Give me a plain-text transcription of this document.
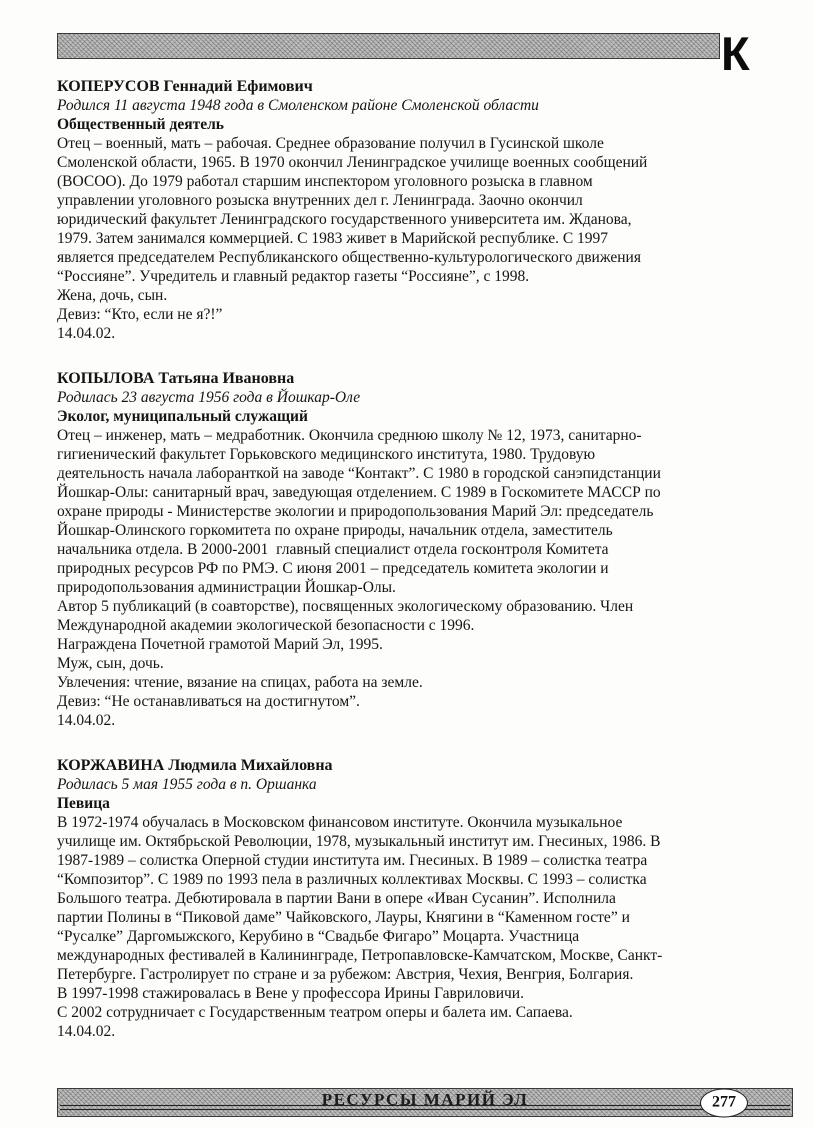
К
КОПЕРУСОВ Геннадий Ефимович
Родился 11 августа 1948 года в Смоленском районе Смоленской области
Общественный деятель
Отец – военный, мать – рабочая. Среднее образование получил в Гусинской школе
Смоленской области, 1965. В 1970 окончил Ленинградское училище военных сообщений
(ВОСОО). До 1979 работал старшим инспектором уголовного розыска в главном
управлении уголовного розыска внутренних дел г. Ленинграда. Заочно окончил
юридический факультет Ленинградского государственного университета им. Жданова,
1979. Затем занимался коммерцией. С 1983 живет в Марийской республике. С 1997
является председателем Республиканского общественно-культурологического движения
“Россияне”. Учредитель и главный редактор газеты “Россияне”, с 1998.
Жена, дочь, сын.
Девиз: “Кто, если не я?!”
14.04.02.
КОПЫЛОВА Татьяна Ивановна
Родилась 23 августа 1956 года в Йошкар-Оле
Эколог, муниципальный служащий
Отец – инженер, мать – медработник. Окончила среднюю школу № 12, 1973, санитарно-
гигиенический факультет Горьковского медицинского института, 1980. Трудовую
деятельность начала лаборанткой на заводе “Контакт”. С 1980 в городской санэпидстанции
Йошкар-Олы: санитарный врач, заведующая отделением. С 1989 в Госкомитете МАССР по
охране природы - Министерстве экологии и природопользования Марий Эл: председатель
Йошкар-Олинского горкомитета по охране природы, начальник отдела, заместитель
начальника отдела. В 2000-2001  главный специалист отдела госконтроля Комитета
природных ресурсов РФ по РМЭ. С июня 2001 – председатель комитета экологии и
природопользования администрации Йошкар-Олы.
Автор 5 публикаций (в соавторстве), посвященных экологическому образованию. Член
Международной академии экологической безопасности с 1996.
Награждена Почетной грамотой Марий Эл, 1995.
Муж, сын, дочь.
Увлечения: чтение, вязание на спицах, работа на земле.
Девиз: “Не останавливаться на достигнутом”.
14.04.02.
КОРЖАВИНА Людмила Михайловна
Родилась 5 мая 1955 года в п. Оршанка
Певица
В 1972-1974 обучалась в Московском финансовом институте. Окончила музыкальное
училище им. Октябрьской Революции, 1978, музыкальный институт им. Гнесиных, 1986. В
1987-1989 – солистка Оперной студии института им. Гнесиных. В 1989 – солистка театра
“Композитор”. С 1989 по 1993 пела в различных коллективах Москвы. С 1993 – солистка
Большого театра. Дебютировала в партии Вани в опере «Иван Сусанин”. Исполнила
партии Полины в “Пиковой даме” Чайковского, Лауры, Княгини в “Каменном госте” и
“Русалке” Даргомыжского, Керубино в “Свадьбе Фигаро” Моцарта. Участница
международных фестивалей в Калининграде, Петропавловске-Камчатском, Москве, Санкт-
Петербурге. Гастролирует по стране и за рубежом: Австрия, Чехия, Венгрия, Болгария.
В 1997-1998 стажировалась в Вене у профессора Ирины Гавриловичи.
С 2002 сотрудничает с Государственным театром оперы и балета им. Сапаева.
14.04.02.
РЕСУРСЫ МАРИЙ ЭЛ	277
